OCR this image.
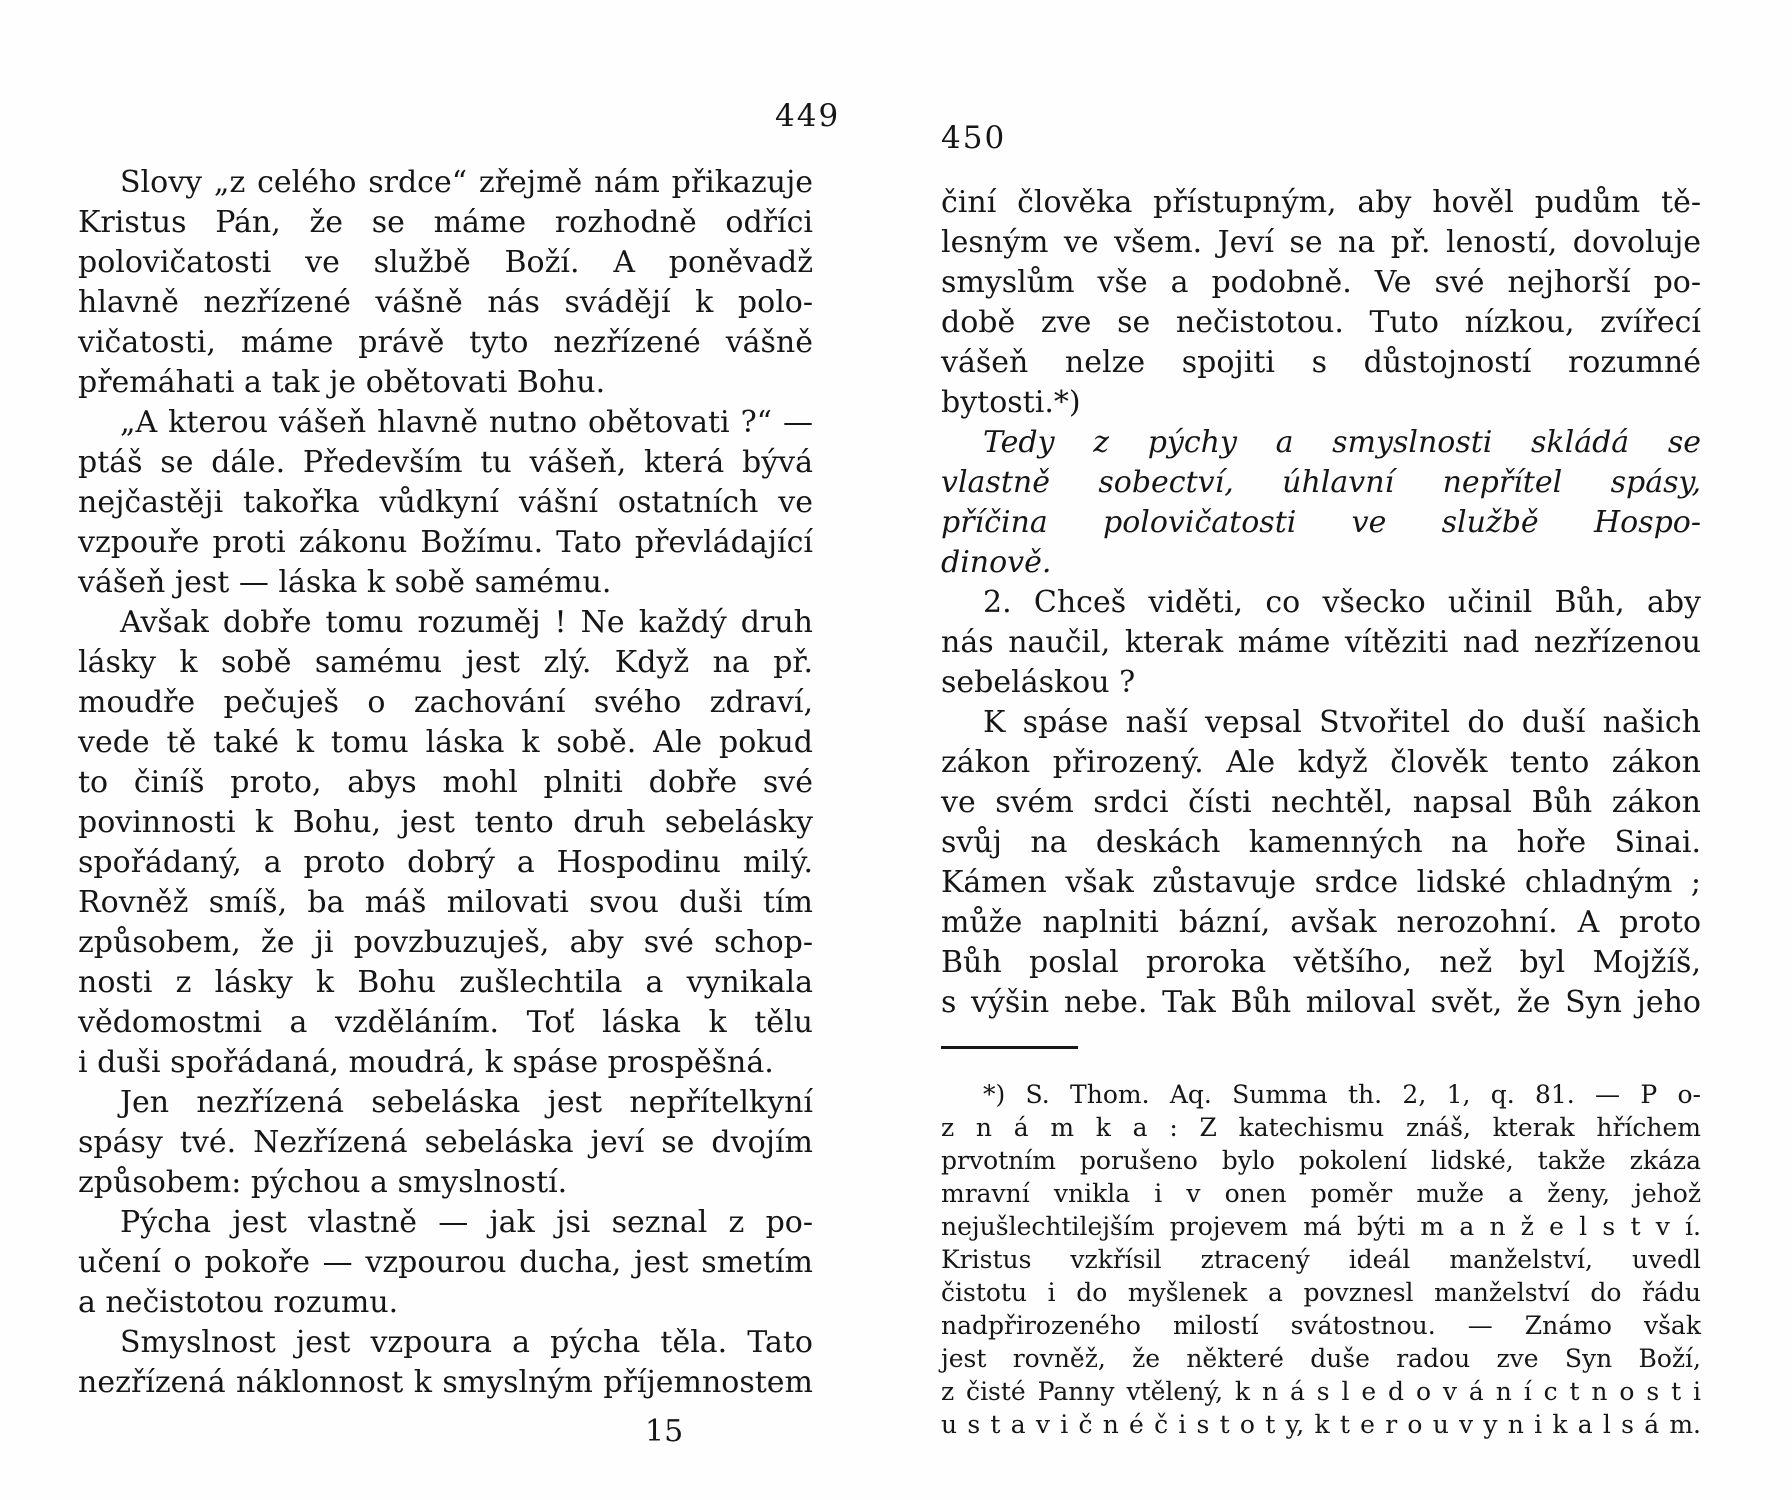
449
450
Slovy „z celého srdce“ zřejmě nám přikazuje
Kristus Pán, že se máme rozhodně odříci
polovičatosti ve službě Boží. A poněvadž
hlavně nezřízené vášně nás svádějí k polo-
vičatosti, máme právě tyto nezřízené vášně
přemáhati a tak je obětovati Bohu.
„A kterou vášeň hlavně nutno obětovati ?“ —
ptáš se dále. Především tu vášeň, která bývá
nejčastěji takořka vůdkyní vášní ostatních ve
vzpouře proti zákonu Božímu. Tato převládající
vášeň jest — láska k sobě samému.
Avšak dobře tomu rozuměj ! Ne každý druh
lásky k sobě samému jest zlý. Když na př.
moudře pečuješ o zachování svého zdraví,
vede tě také k tomu láska k sobě. Ale pokud
to činíš proto, abys mohl plniti dobře své
povinnosti k Bohu, jest tento druh sebelásky
spořádaný, a proto dobrý a Hospodinu milý.
Rovněž smíš, ba máš milovati svou duši tím
způsobem, že ji povzbuzuješ, aby své schop-
nosti z lásky k Bohu zušlechtila a vynikala
vědomostmi a vzděláním. Toť láska k tělu
i duši spořádaná, moudrá, k spáse prospěšná.
Jen nezřízená sebeláska jest nepřítelkyní
spásy tvé. Nezřízená sebeláska jeví se dvojím
způsobem: pýchou a smyslností.
Pýcha jest vlastně — jak jsi seznal z po-
učení o pokoře — vzpourou ducha, jest smetím
a nečistotou rozumu.
Smyslnost jest vzpoura a pýcha těla. Tato
nezřízená náklonnost k smyslným příjemnostem
činí člověka přístupným, aby hověl pudům tě-
lesným ve všem. Jeví se na př. leností, dovoluje
smyslům vše a podobně. Ve své nejhorší po-
době zve se nečistotou. Tuto nízkou, zvířecí
vášeň nelze spojiti s důstojností rozumné
bytosti.*)
Tedy z pýchy a smyslnosti skládá se
vlastně sobectví, úhlavní nepřítel spásy,
příčina polovičatosti ve službě Hospo-
dinově.
2. Chceš viděti, co všecko učinil Bůh, aby
nás naučil, kterak máme vítěziti nad nezřízenou
sebeláskou ?
K spáse naší vepsal Stvořitel do duší našich
zákon přirozený. Ale když člověk tento zákon
ve svém srdci čísti nechtěl, napsal Bůh zákon
svůj na deskách kamenných na hoře Sinai.
Kámen však zůstavuje srdce lidské chladným ;
může naplniti bázní, avšak nerozohní. A proto
Bůh poslal proroka většího, než byl Mojžíš,
s výšin nebe. Tak Bůh miloval svět, že Syn jeho
*) S. Thom. Aq. Summa th. 2, 1, q. 81. — P o-
z n á m k a : Z katechismu znáš, kterak hříchem
prvotním porušeno bylo pokolení lidské, takže zkáza
mravní vnikla i v onen poměr muže a ženy, jehož
nejušlechtilejším projevem má býti m a n ž e l s t v í.
Kristus vzkřísil ztracený ideál manželství, uvedl
čistotu i do myšlenek a povznesl manželství do řádu
nadpřirozeného milostí svátostnou. — Známo však
jest rovněž, že některé duše radou zve Syn Boží,
z čisté Panny vtělený, k n á s l e d o v á n í c t n o s t i
u s t a v i č n é č i s t o t y, k t e r o u v y n i k a l s á m.
15
